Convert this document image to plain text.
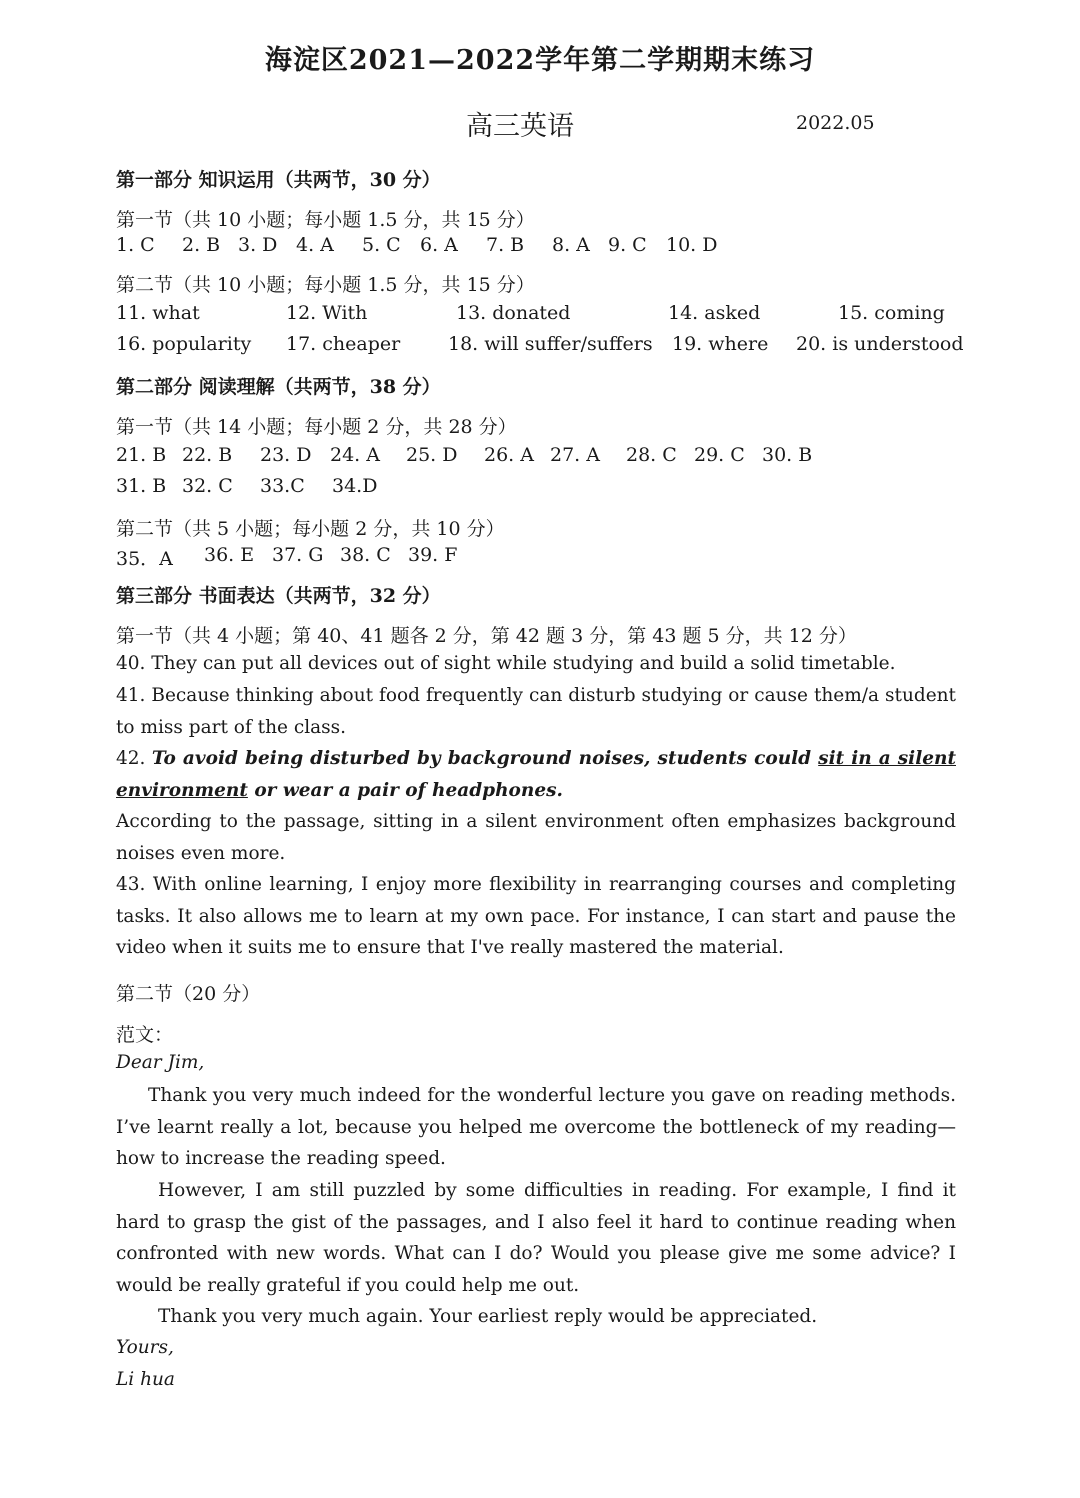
海淀区2021—2022学年第二学期期末练习
高三英语	2022.05
第一部分 知识运用（共两节，30 分）
第一节（共 10 小题；每小题 1.5 分，共 15 分）
1. C 2. B 3. D 4. A 5. C 6. A 7. B 8. A 9. C 10. D
第二节（共 10 小题；每小题 1.5 分，共 15 分）
11. what	12. With	13. donated	14. asked	15. coming
16. popularity 17. cheaper	18. will suffer/suffers 19. where 20. is understood
第二部分 阅读理解（共两节，38 分）
第一节（共 14 小题；每小题 2 分，共 28 分）
21. B 22. B 23. D 24. A 25. D 26. A 27. A 28. C 29. C 30. B
31. B 32. C 33.C 34.D
第二节（共 5 小题；每小题 2 分，共 10 分）
35．A 36. E 37. G 38. C 39. F
第三部分 书面表达（共两节，32 分）
第一节（共 4 小题；第 40、41 题各 2 分，第 42 题 3 分，第 43 题 5 分，共 12 分）
40. They can put all devices out of sight while studying and build a solid timetable.
41. Because thinking about food frequently can disturb studying or cause them/a student to miss part of the class.
42. To avoid being disturbed by background noises, students could sit in a silent environment or wear a pair of headphones.
According to the passage, sitting in a silent environment often emphasizes background noises even more.
43. With online learning, I enjoy more flexibility in rearranging courses and completing tasks. It also allows me to learn at my own pace. For instance, I can start and pause the video when it suits me to ensure that I've really mastered the material.
第二节（20 分）
范文：
Dear Jim,
Thank you very much indeed for the wonderful lecture you gave on reading methods. I’ve learnt really a lot, because you helped me overcome the bottleneck of my reading—how to increase the reading speed.
However, I am still puzzled by some difficulties in reading. For example, I find it hard to grasp the gist of the passages, and I also feel it hard to continue reading when confronted with new words. What can I do? Would you please give me some advice? I would be really grateful if you could help me out.
Thank you very much again. Your earliest reply would be appreciated.
Yours,
Li hua
